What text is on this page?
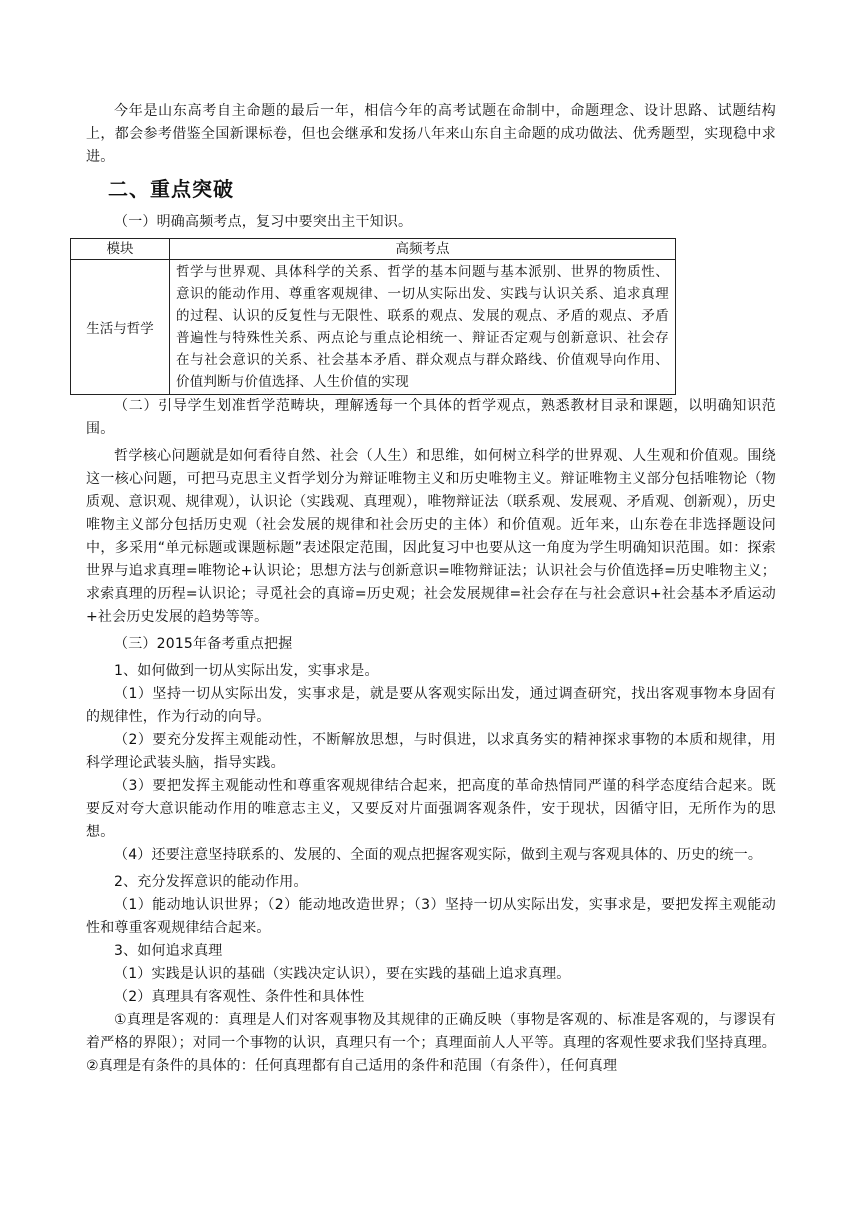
今年是山东高考自主命题的最后一年，相信今年的高考试题在命制中，命题理念、设计思路、试题结构上，都会参考借鉴全国新课标卷，但也会继承和发扬八年来山东自主命题的成功做法、优秀题型，实现稳中求进。

二、重点突破

（一）明确高频考点，复习中要突出主干知识。

模块	高频考点
生活与哲学	哲学与世界观、具体科学的关系、哲学的基本问题与基本派别、世界的物质性、意识的能动作用、尊重客观规律、一切从实际出发、实践与认识关系、追求真理的过程、认识的反复性与无限性、联系的观点、发展的观点、矛盾的观点、矛盾普遍性与特殊性关系、两点论与重点论相统一、辩证否定观与创新意识、社会存在与社会意识的关系、社会基本矛盾、群众观点与群众路线、价值观导向作用、价值判断与价值选择、人生价值的实现

（二）引导学生划准哲学范畴块，理解透每一个具体的哲学观点，熟悉教材目录和课题，以明确知识范围。

哲学核心问题就是如何看待自然、社会（人生）和思维，如何树立科学的世界观、人生观和价值观。围绕这一核心问题，可把马克思主义哲学划分为辩证唯物主义和历史唯物主义。辩证唯物主义部分包括唯物论（物质观、意识观、规律观），认识论（实践观、真理观），唯物辩证法（联系观、发展观、矛盾观、创新观），历史唯物主义部分包括历史观（社会发展的规律和社会历史的主体）和价值观。近年来，山东卷在非选择题设问中，多采用“单元标题或课题标题”表述限定范围，因此复习中也要从这一角度为学生明确知识范围。如：探索世界与追求真理=唯物论+认识论；思想方法与创新意识=唯物辩证法；认识社会与价值选择=历史唯物主义；求索真理的历程=认识论；寻觅社会的真谛=历史观；社会发展规律=社会存在与社会意识+社会基本矛盾运动+社会历史发展的趋势等等。

（三）2015年备考重点把握

1、如何做到一切从实际出发，实事求是。

（1）坚持一切从实际出发，实事求是，就是要从客观实际出发，通过调查研究，找出客观事物本身固有的规律性，作为行动的向导。

（2）要充分发挥主观能动性，不断解放思想，与时俱进，以求真务实的精神探求事物的本质和规律，用科学理论武装头脑，指导实践。

（3）要把发挥主观能动性和尊重客观规律结合起来，把高度的革命热情同严谨的科学态度结合起来。既要反对夸大意识能动作用的唯意志主义，又要反对片面强调客观条件，安于现状，因循守旧，无所作为的思想。

（4）还要注意坚持联系的、发展的、全面的观点把握客观实际，做到主观与客观具体的、历史的统一。

2、充分发挥意识的能动作用。

（1）能动地认识世界；（2）能动地改造世界；（3）坚持一切从实际出发，实事求是，要把发挥主观能动性和尊重客观规律结合起来。

3、如何追求真理

（1）实践是认识的基础（实践决定认识），要在实践的基础上追求真理。

（2）真理具有客观性、条件性和具体性

①真理是客观的：真理是人们对客观事物及其规律的正确反映（事物是客观的、标准是客观的，与谬误有着严格的界限）；对同一个事物的认识，真理只有一个；真理面前人人平等。真理的客观性要求我们坚持真理。②真理是有条件的具体的：任何真理都有自己适用的条件和范围（有条件），任何真理
